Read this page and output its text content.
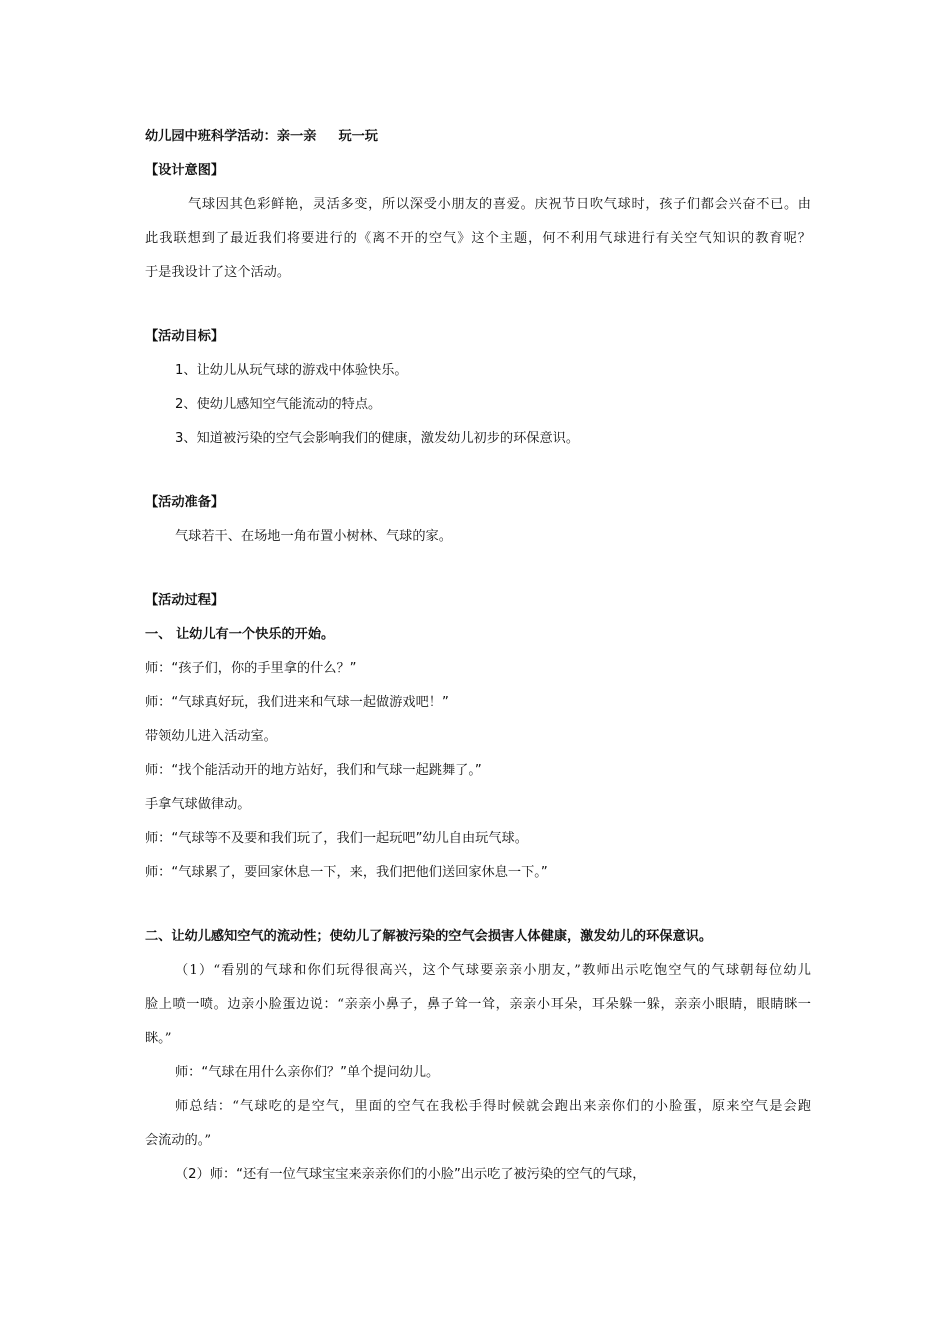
幼儿园中班科学活动：亲一亲 玩一玩

【设计意图】

气球因其色彩鲜艳，灵活多变，所以深受小朋友的喜爱。庆祝节日吹气球时，孩子们都会兴奋不已。由

此我联想到了最近我们将要进行的《离不开的空气》这个主题，何不利用气球进行有关空气知识的教育呢？

于是我设计了这个活动。

【活动目标】

1、让幼儿从玩气球的游戏中体验快乐。

2、使幼儿感知空气能流动的特点。

3、知道被污染的空气会影响我们的健康，激发幼儿初步的环保意识。

【活动准备】

气球若干、在场地一角布置小树林、气球的家。

【活动过程】

一、 让幼儿有一个快乐的开始。

师：“孩子们，你的手里拿的什么？”

师：“气球真好玩，我们进来和气球一起做游戏吧！”

带领幼儿进入活动室。

师：“找个能活动开的地方站好，我们和气球一起跳舞了。”

手拿气球做律动。

师：“气球等不及要和我们玩了，我们一起玩吧”幼儿自由玩气球。

师：“气球累了，要回家休息一下，来，我们把他们送回家休息一下。”

二、让幼儿感知空气的流动性；使幼儿了解被污染的空气会损害人体健康，激发幼儿的环保意识。

（1）“看别的气球和你们玩得很高兴，这个气球要亲亲小朋友，”教师出示吃饱空气的气球朝每位幼儿

脸上喷一喷。边亲小脸蛋边说：“亲亲小鼻子，鼻子耸一耸，亲亲小耳朵，耳朵躲一躲，亲亲小眼睛，眼睛眯一

眯。”

师：“气球在用什么亲你们？”单个提问幼儿。

师总结：“气球吃的是空气，里面的空气在我松手得时候就会跑出来亲你们的小脸蛋，原来空气是会跑

会流动的。”

（2）师：“还有一位气球宝宝来亲亲你们的小脸”出示吃了被污染的空气的气球，
